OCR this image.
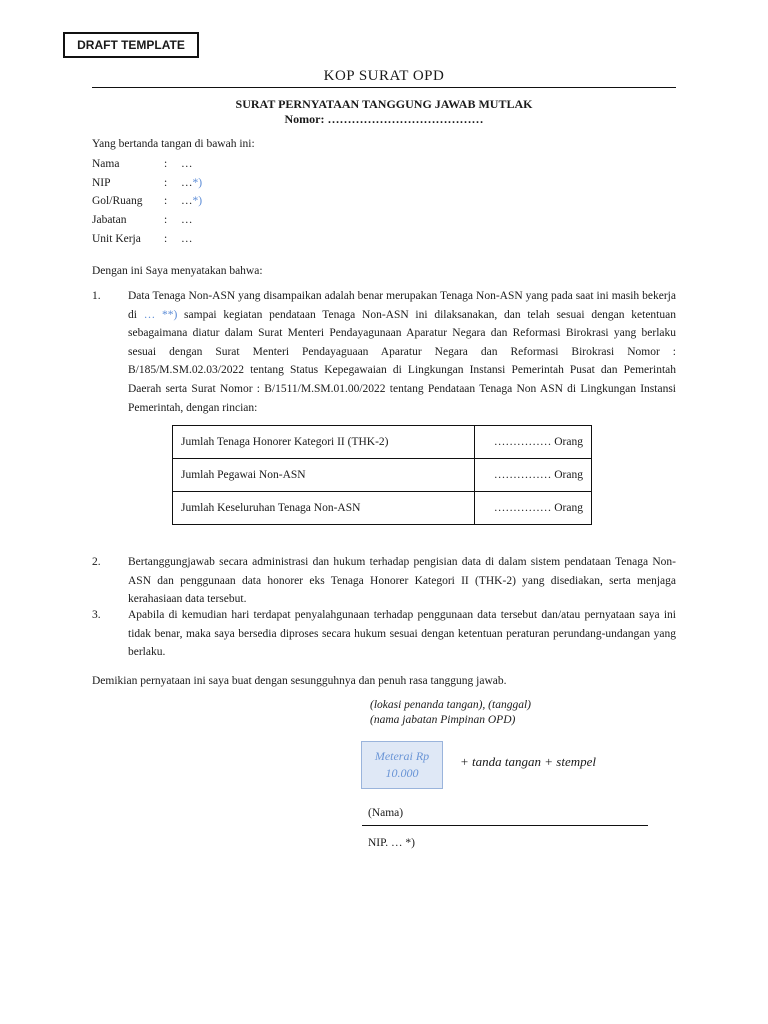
DRAFT TEMPLATE
KOP SURAT OPD
SURAT PERNYATAAN TANGGUNG JAWAB MUTLAK
Nomor: …………………………………
Yang bertanda tangan di bawah ini:
Nama	:	…
NIP	:	… *)
Gol/Ruang	:	… *)
Jabatan	:	…
Unit Kerja	:	…
Dengan ini Saya menyatakan bahwa:
1. Data Tenaga Non-ASN yang disampaikan adalah benar merupakan Tenaga Non-ASN yang pada saat ini masih bekerja di … **) sampai kegiatan pendataan Tenaga Non-ASN ini dilaksanakan, dan telah sesuai dengan ketentuan sebagaimana diatur dalam Surat Menteri Pendayagunaan Aparatur Negara dan Reformasi Birokrasi yang berlaku sesuai dengan Surat Menteri Pendayaguaan Aparatur Negara dan Reformasi Birokrasi Nomor : B/185/M.SM.02.03/2022 tentang Status Kepegawaian di Lingkungan Instansi Pemerintah Pusat dan Pemerintah Daerah serta Surat Nomor : B/1511/M.SM.01.00/2022 tentang Pendataan Tenaga Non ASN di Lingkungan Instansi Pemerintah, dengan rincian:
Jumlah Tenaga Honorer Kategori II (THK-2)	…………… Orang
Jumlah Pegawai Non-ASN	…………… Orang
Jumlah Keseluruhan Tenaga Non-ASN	…………… Orang
2. Bertanggungjawab secara administrasi dan hukum terhadap pengisian data di dalam sistem pendataan Tenaga Non-ASN dan penggunaan data honorer eks Tenaga Honorer Kategori II (THK-2) yang disediakan, serta menjaga kerahasiaan data tersebut.
3. Apabila di kemudian hari terdapat penyalahgunaan terhadap penggunaan data tersebut dan/atau pernyataan saya ini tidak benar, maka saya bersedia diproses secara hukum sesuai dengan ketentuan peraturan perundang-undangan yang berlaku.
Demikian pernyataan ini saya buat dengan sesungguhnya dan penuh rasa tanggung jawab.
(lokasi penanda tangan), (tanggal)
(nama jabatan Pimpinan OPD)
Meterai Rp
10.000
+ tanda tangan + stempel
(Nama)
NIP. … *)
